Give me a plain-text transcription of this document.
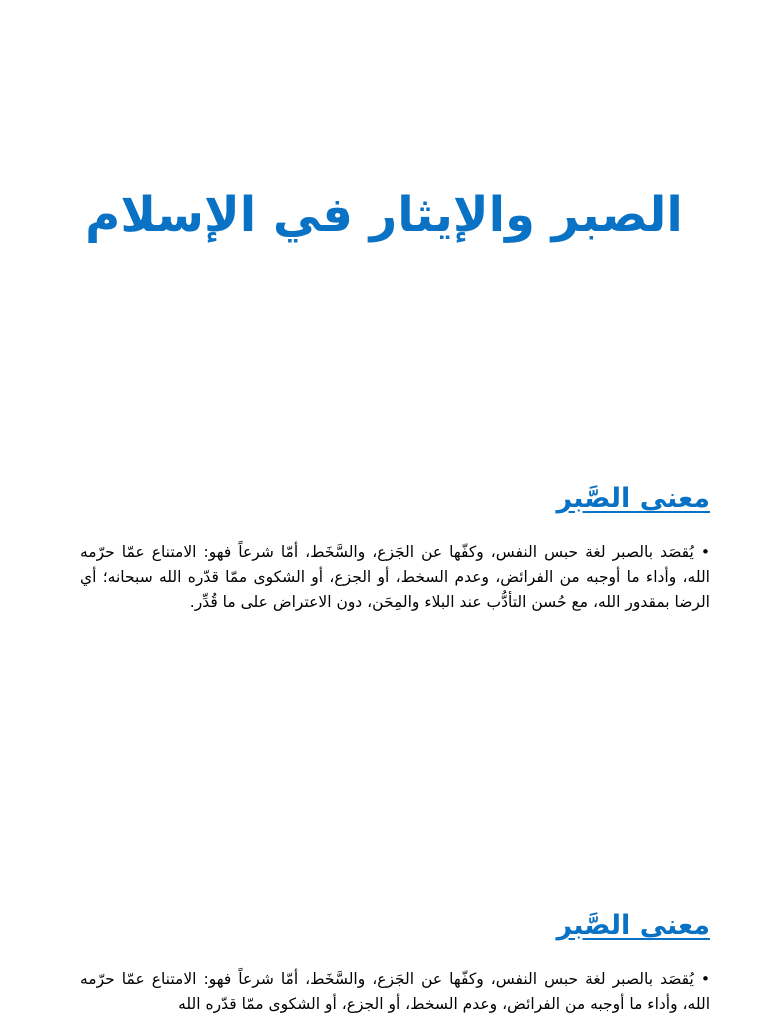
الصبر والإيثار في الإسلام
معنى الصَّبر

• يُقصَد بالصبر لغة حبس النفس، وكفّها عن الجَزع، والسَّخَط، أمّا شرعاً فهو: الامتناع عمّا حرّمه الله، وأداء ما أوجبه من الفرائض، وعدم السخط، أو الجزع، أو الشكوى ممّا قدّره الله سبحانه؛ أي الرضا بمقدور الله، مع حُسن التأدُّب عند البلاء والمِحَن، دون الاعتراض على ما قُدِّر.

معنى الصَّبر

• يُقصَد بالصبر لغة حبس النفس، وكفّها عن الجَزع، والسَّخَط، أمّا شرعاً فهو: الامتناع عمّا حرّمه الله، وأداء ما أوجبه من الفرائض، وعدم السخط، أو الجزع، أو الشكوى ممّا قدّره الله
